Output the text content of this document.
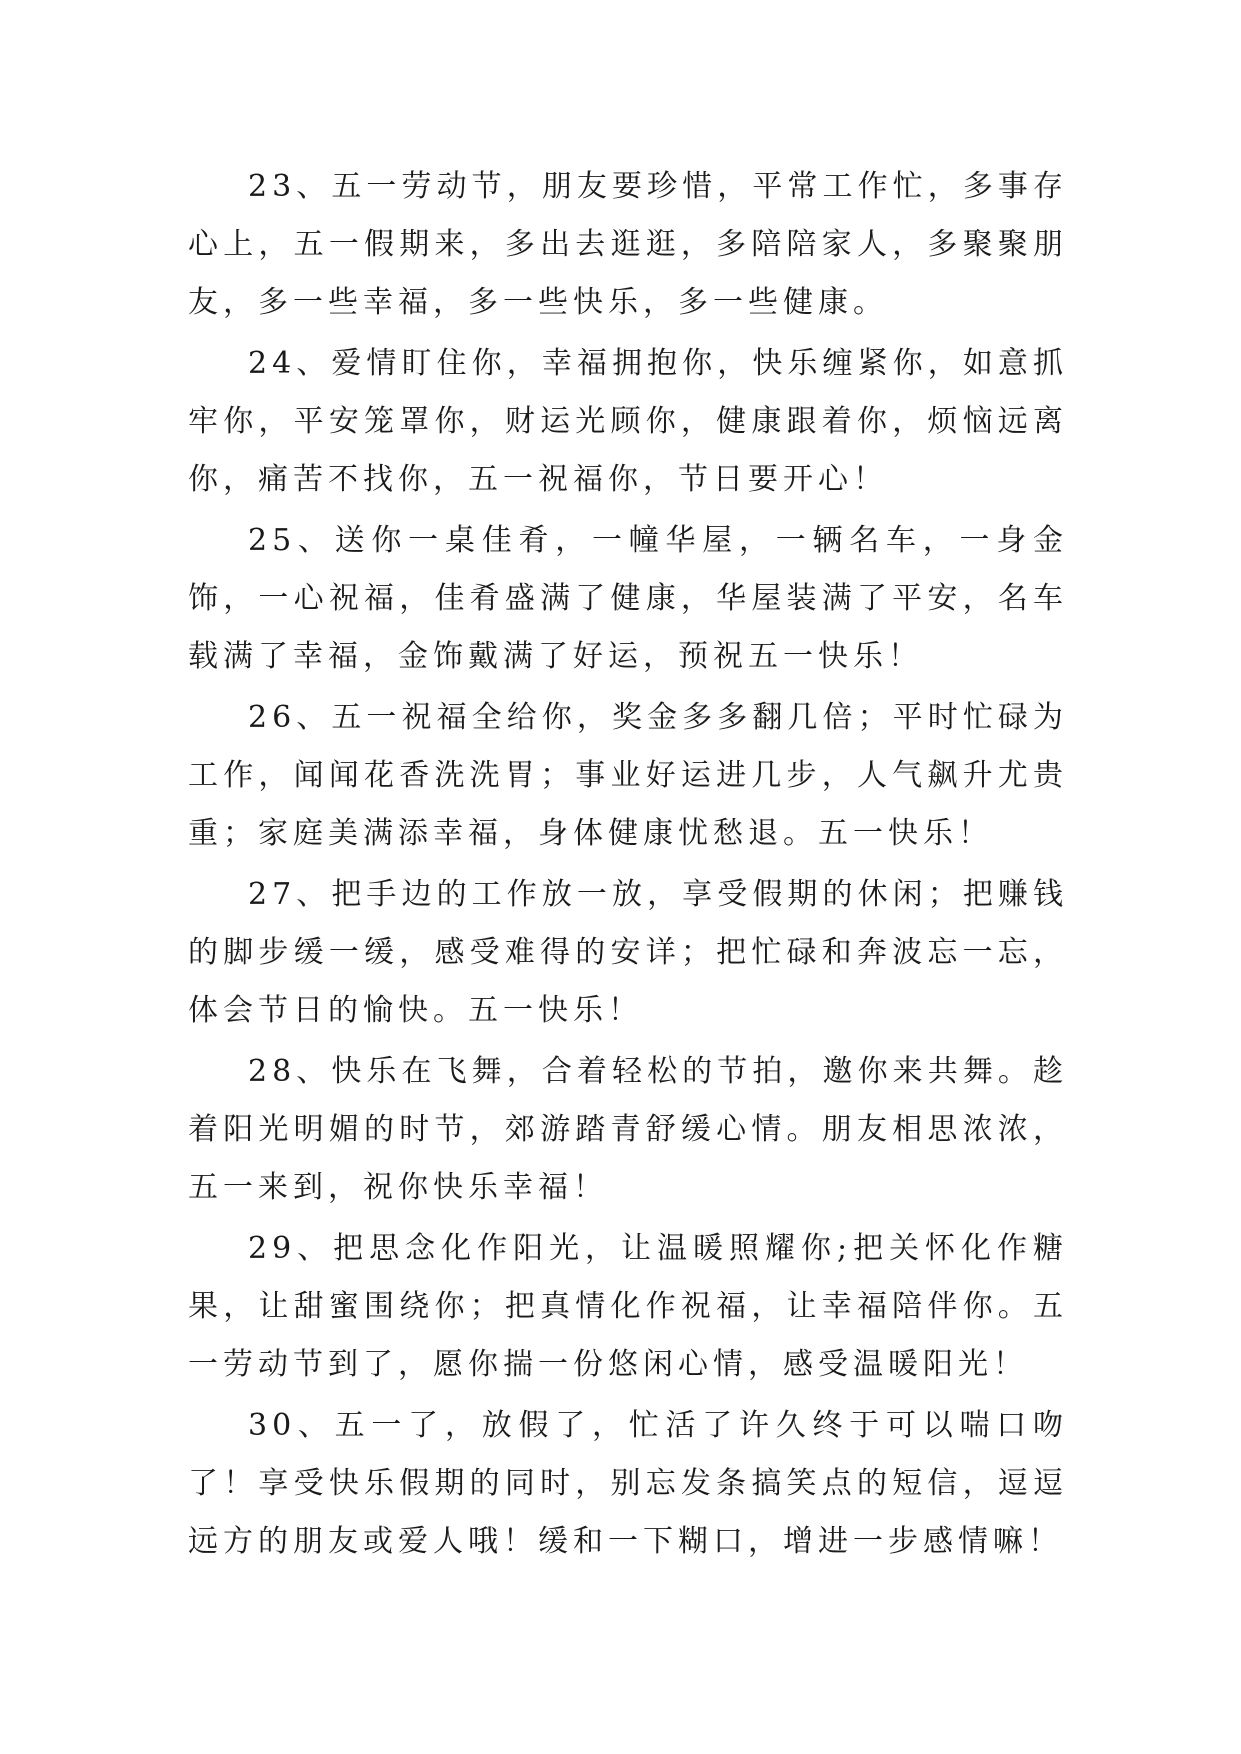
23、五一劳动节，朋友要珍惜，平常工作忙，多事存心上，五一假期来，多出去逛逛，多陪陪家人，多聚聚朋友，多一些幸福，多一些快乐，多一些健康。

24、爱情盯住你，幸福拥抱你，快乐缠紧你，如意抓牢你，平安笼罩你，财运光顾你，健康跟着你，烦恼远离你，痛苦不找你，五一祝福你，节日要开心！

25、送你一桌佳肴，一幢华屋，一辆名车，一身金饰，一心祝福，佳肴盛满了健康，华屋装满了平安，名车载满了幸福，金饰戴满了好运，预祝五一快乐！

26、五一祝福全给你，奖金多多翻几倍；平时忙碌为工作，闻闻花香洗洗胃；事业好运进几步，人气飙升尤贵重；家庭美满添幸福，身体健康忧愁退。五一快乐！

27、把手边的工作放一放，享受假期的休闲；把赚钱的脚步缓一缓，感受难得的安详；把忙碌和奔波忘一忘，体会节日的愉快。五一快乐！

28、快乐在飞舞，合着轻松的节拍，邀你来共舞。趁着阳光明媚的时节，郊游踏青舒缓心情。朋友相思浓浓，五一来到，祝你快乐幸福！

29、把思念化作阳光，让温暖照耀你;把关怀化作糖果，让甜蜜围绕你；把真情化作祝福，让幸福陪伴你。五一劳动节到了，愿你揣一份悠闲心情，感受温暖阳光！

30、五一了，放假了，忙活了许久终于可以喘口吻了！享受快乐假期的同时，别忘发条搞笑点的短信，逗逗远方的朋友或爱人哦！缓和一下糊口，增进一步感情嘛！
